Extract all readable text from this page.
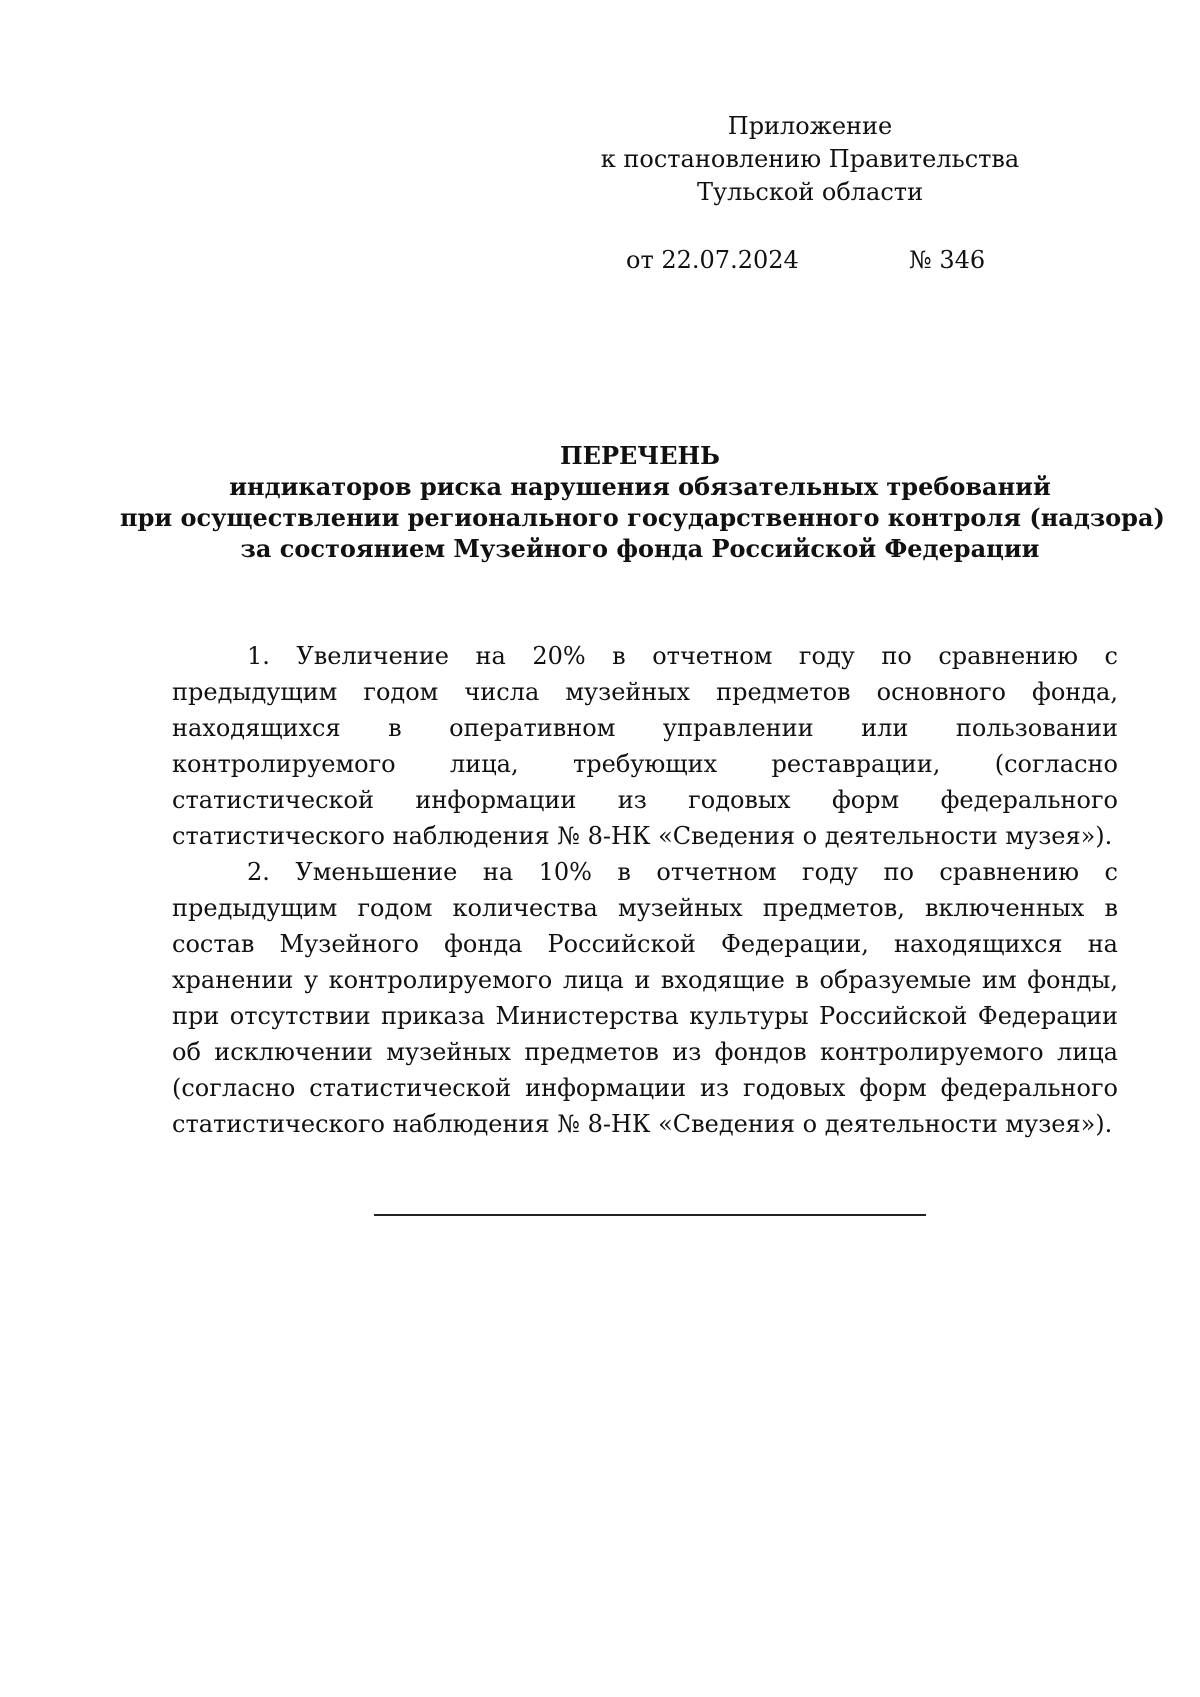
Приложение
к постановлению Правительства
Тульской области
от 22.07.2024	№ 346
ПЕРЕЧЕНЬ
индикаторов риска нарушения обязательных требований
при осуществлении регионального государственного контроля (надзора)
за состоянием Музейного фонда Российской Федерации

1. Увеличение на 20% в отчетном году по сравнению с предыдущим годом числа музейных предметов основного фонда, находящихся в оперативном управлении или пользовании контролируемого лица, требующих реставрации, (согласно статистической информации из годовых форм федерального статистического наблюдения № 8-НК «Сведения о деятельности музея»).

2. Уменьшение на 10% в отчетном году по сравнению с предыдущим годом количества музейных предметов, включенных в состав Музейного фонда Российской Федерации, находящихся на хранении у контролируемого лица и входящие в образуемые им фонды, при отсутствии приказа Министерства культуры Российской Федерации об исключении музейных предметов из фондов контролируемого лица (согласно статистической информации из годовых форм федерального статистического наблюдения № 8-НК «Сведения о деятельности музея»).
